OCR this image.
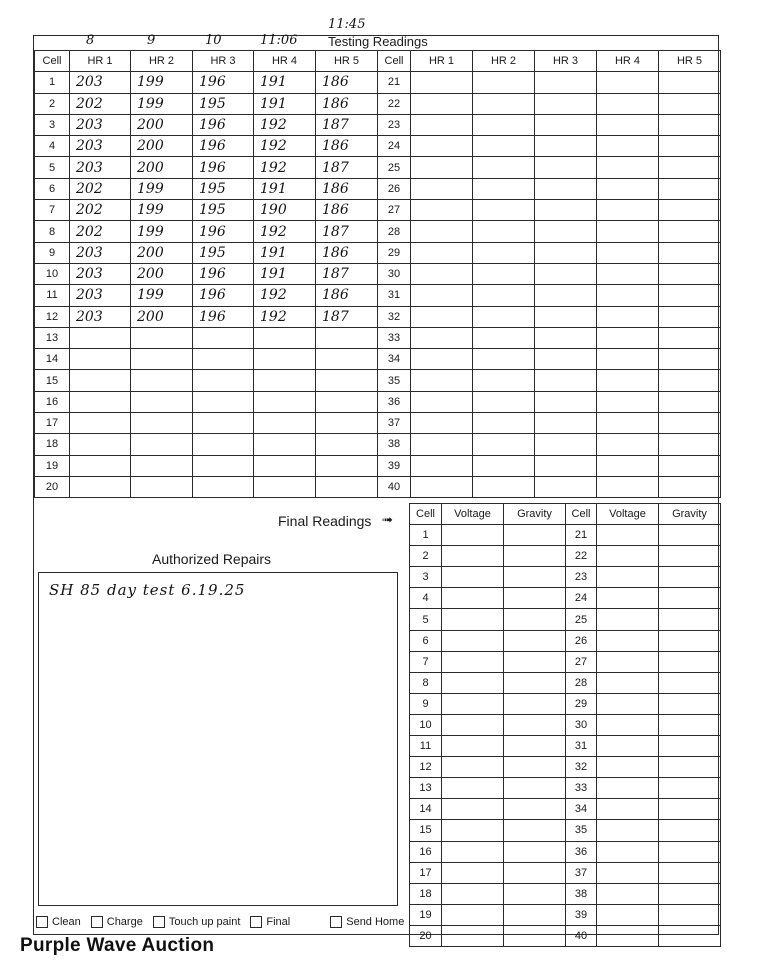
8	9	10	11:06
11:45
Testing Readings
Cell	HR 1	HR 2	HR 3	HR 4	HR 5	Cell	HR 1	HR 2	HR 3	HR 4	HR 5
1	203	199	196	191	186	21					
2	202	199	195	191	186	22					
3	203	200	196	192	187	23					
4	203	200	196	192	186	24					
5	203	200	196	192	187	25					
6	202	199	195	191	186	26					
7	202	199	195	190	186	27					
8	202	199	196	192	187	28					
9	203	200	195	191	186	29					
10	203	200	196	191	187	30					
11	203	199	196	192	186	31					
12	203	200	196	192	187	32					
13						33					
14						34					
15						35					
16						36					
17						37					
18						38					
19						39					
20						40					
Final Readings ➟ Cell	Voltage	Gravity	Cell	Voltage	Gravity
1			21		
2			22		
3			23		
4			24		
5			25		
6			26		
7			27		
8			28		
9			29		
10			30		
11			31		
12			32		
13			33		
14			34		
15			35		
16			36		
17			37		
18			38		
19			39		
20			40		
Authorized Repairs
SH 85 day test 6.19.25
Clean Charge Touch up paint Final	Send Home
Purple Wave Auction
